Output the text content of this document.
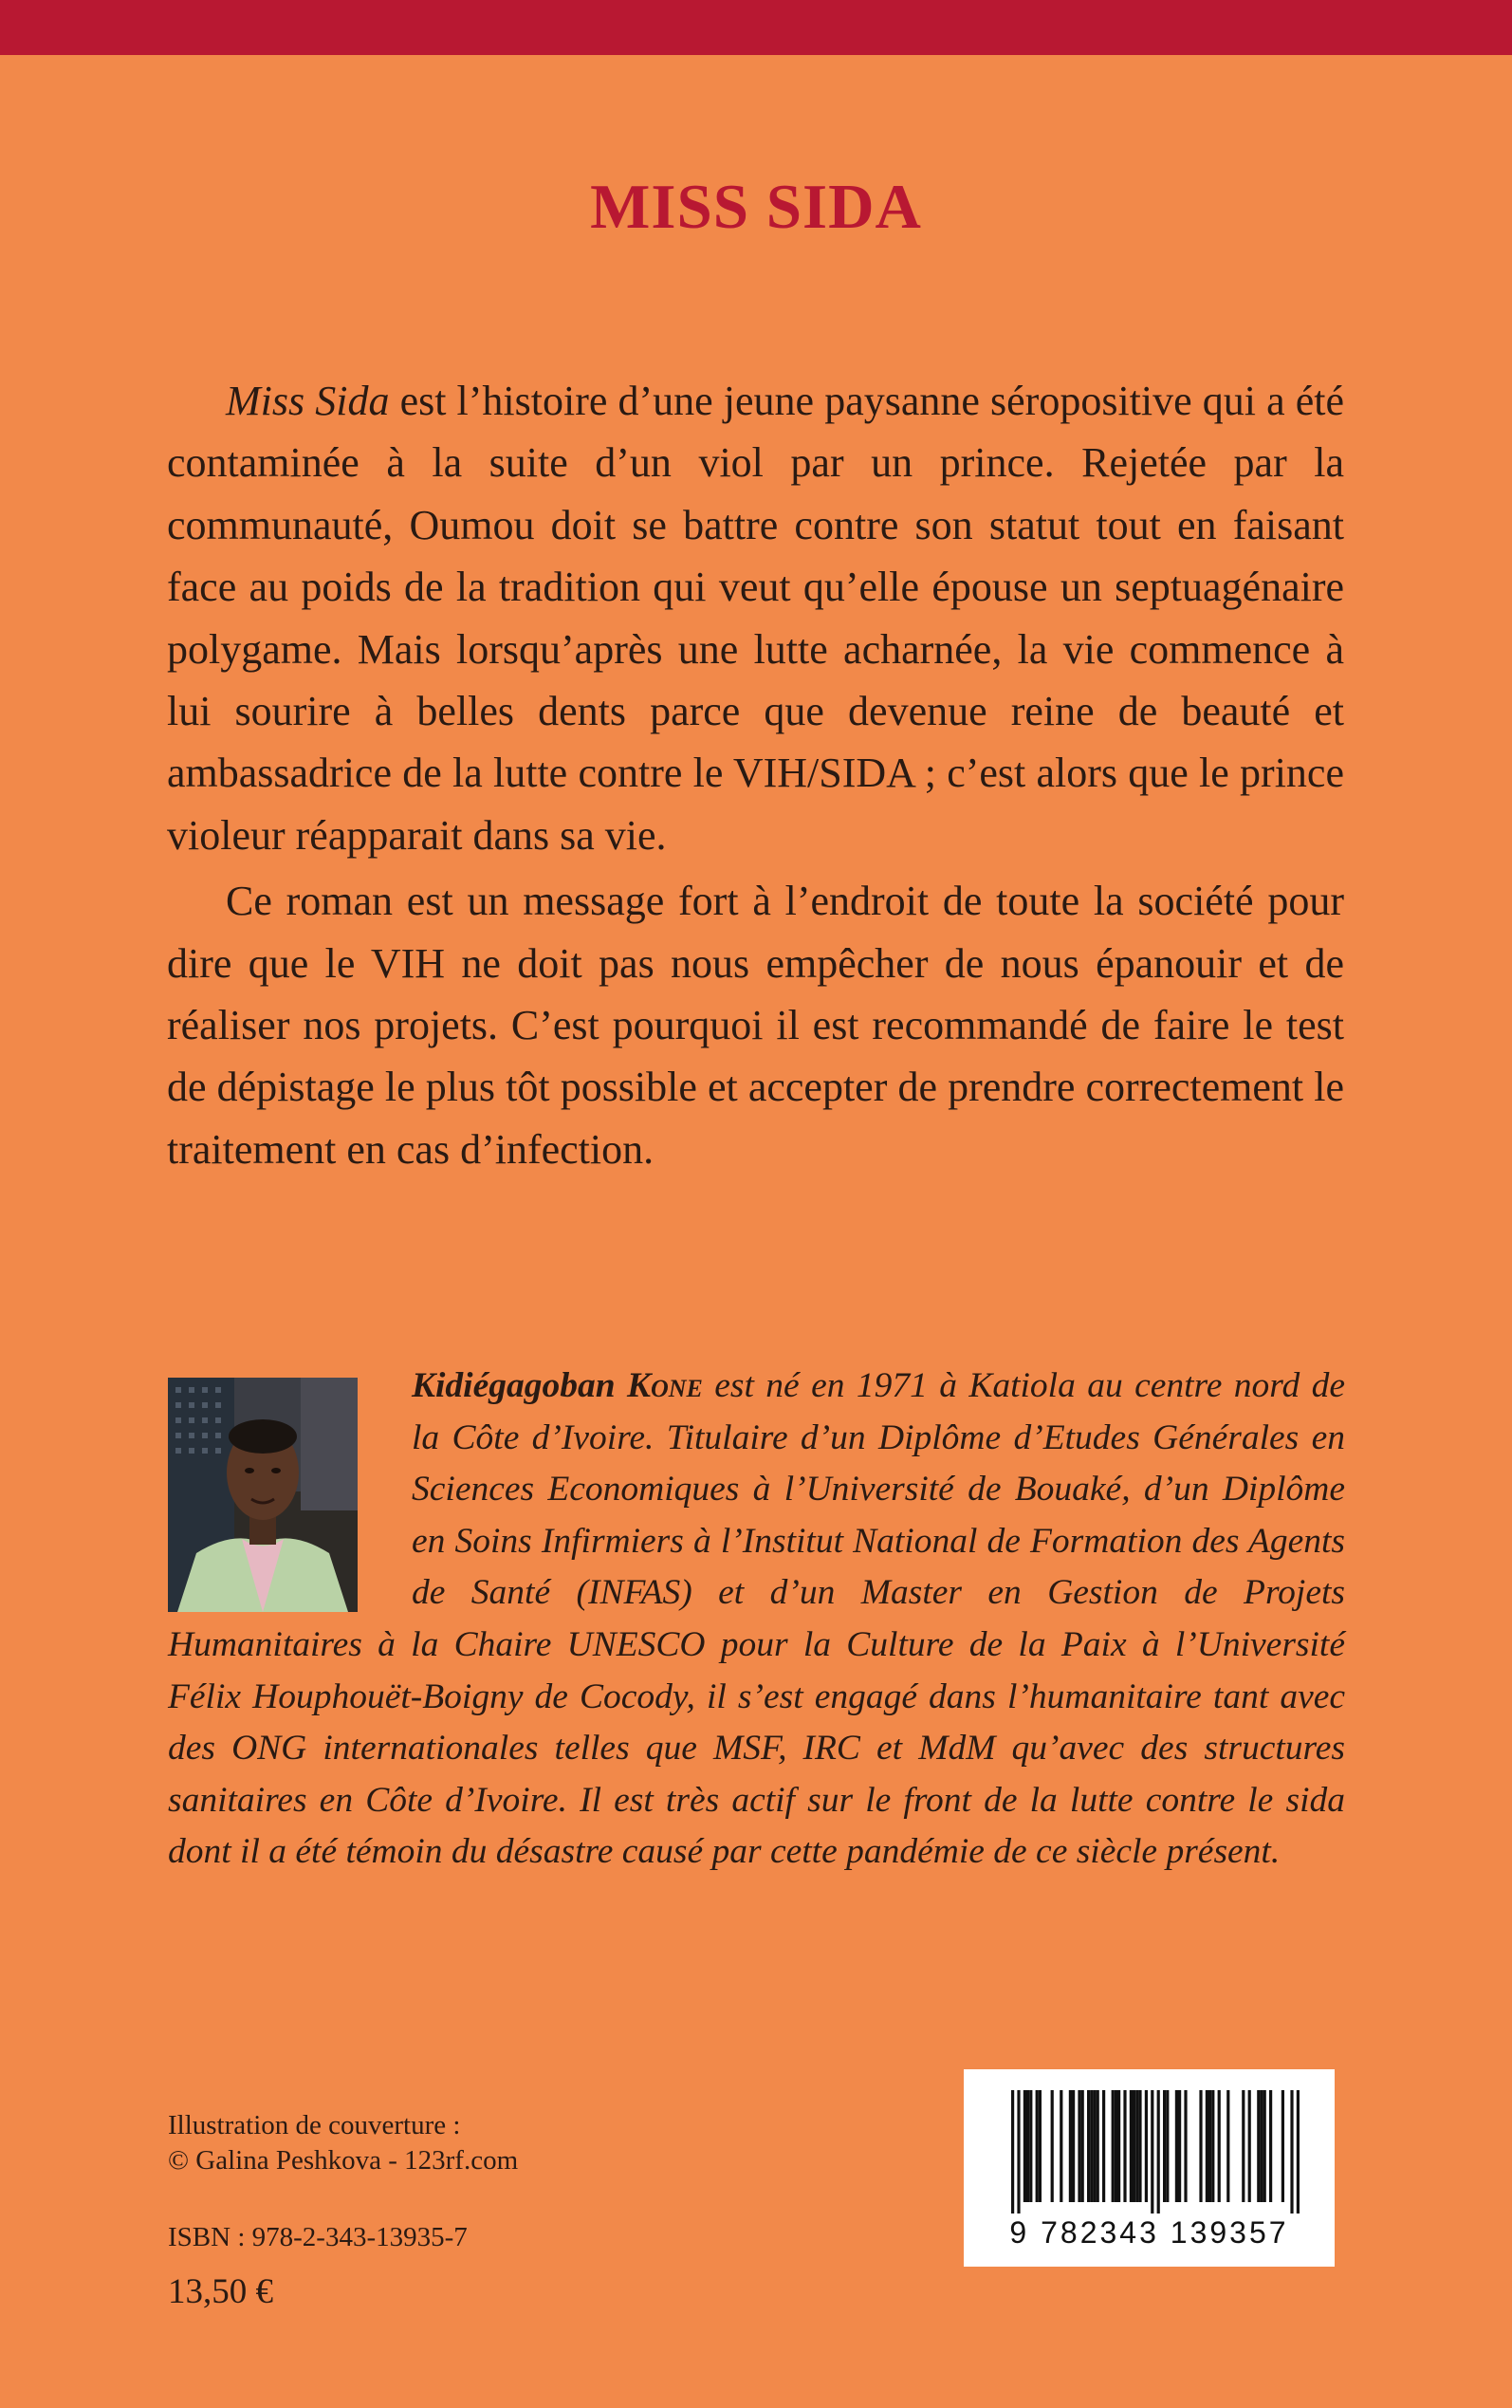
MISS SIDA

Miss Sida est l’histoire d’une jeune paysanne séropositive qui a été contaminée à la suite d’un viol par un prince. Rejetée par la communauté, Oumou doit se battre contre son statut tout en faisant face au poids de la tradition qui veut qu’elle épouse un septuagénaire polygame. Mais lorsqu’après une lutte acharnée, la vie commence à lui sourire à belles dents parce que devenue reine de beauté et ambassadrice de la lutte contre le VIH/SIDA ; c’est alors que le prince violeur réapparait dans sa vie.

Ce roman est un message fort à l’endroit de toute la société pour dire que le VIH ne doit pas nous empêcher de nous épanouir et de réaliser nos projets. C’est pourquoi il est recommandé de faire le test de dépistage le plus tôt possible et accepter de prendre correctement le traitement en cas d’infection.

Kidiégagoban Kone est né en 1971 à Katiola au centre nord de la Côte d’Ivoire. Titulaire d’un Diplôme d’Etudes Générales en Sciences Economiques à l’Université de Bouaké, d’un Diplôme en Soins Infirmiers à l’Institut National de Formation des Agents de Santé (INFAS) et d’un Master en Gestion de Projets Humanitaires à la Chaire UNESCO pour la Culture de la Paix à l’Université Félix Houphouët-Boigny de Cocody, il s’est engagé dans l’humanitaire tant avec des ONG internationales telles que MSF, IRC et MdM qu’avec des structures sanitaires en Côte d’Ivoire. Il est très actif sur le front de la lutte contre le sida dont il a été témoin du désastre causé par cette pandémie de ce siècle présent.
Illustration de couverture :
© Galina Peshkova - 123rf.com
ISBN : 978-2-343-13935-7
13,50 €
9 782343 139357
